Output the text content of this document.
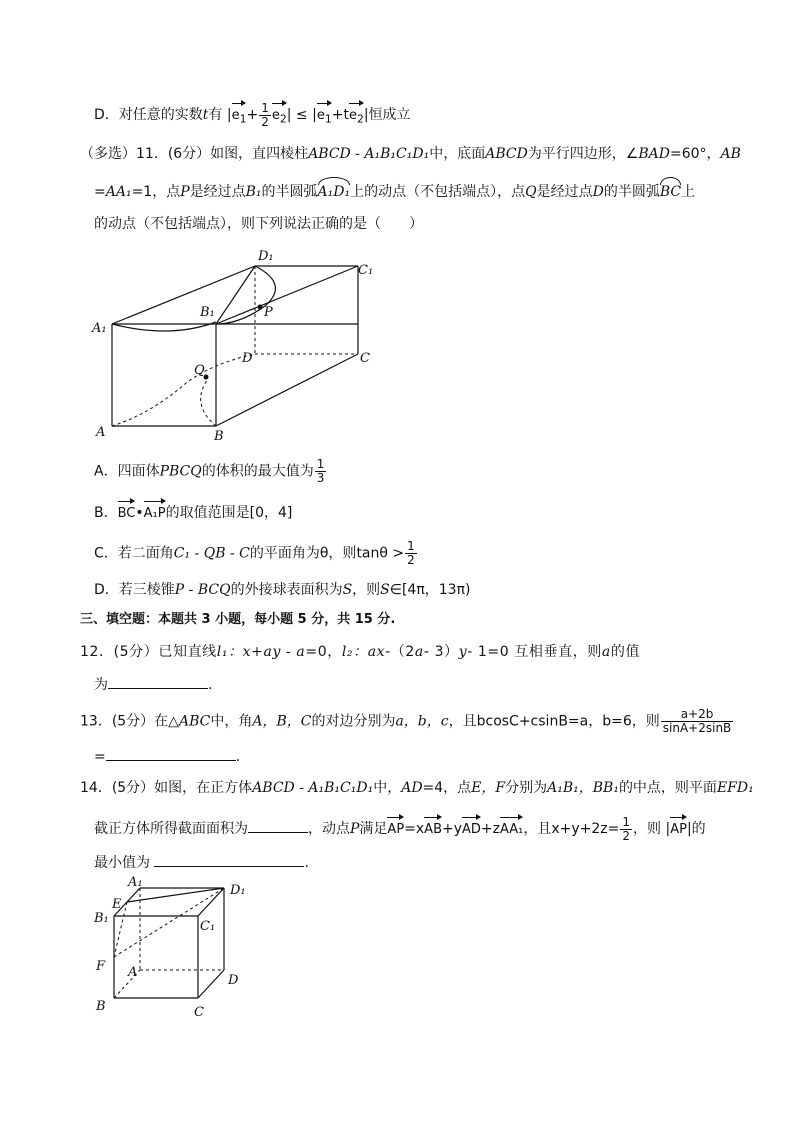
D．对任意的实数t有 $|e_1+ \frac{1}{2} e_2| \le |e_1+te_2|$恒成立
（多选）11．(6分）如图，直四棱柱ABCD - A₁B₁C₁D₁中，底面ABCD为平行四边形，∠BAD=60°，AB
=AA₁=1，点P是经过点B₁的半圆弧A₁D₁上的动点（不包括端点），点Q是经过点D的半圆弧BC上
的动点（不包括端点），则下列说法正确的是（　　）
D₁
C₁
B₁	P
A₁
D	C
Q
A	B
A．四面体PBCQ的体积的最大值为 $\frac{1}{3}$
B．BC•A₁P的取值范围是[0，4]
C．若二面角C₁ - QB - C的平面角为θ，则$\tan\theta > \frac{1}{2}$
D．若三棱锥P - BCQ的外接球表面积为S，则S∈[4π，13π)
三、填空题：本题共 3 小题，每小题 5 分，共 15 分.
12．(5分）已知直线l₁：x+ay - a=0，l₂：ax-（2a- 3）y- 1=0 互相垂直，则a的值
为	.
13．(5分）在△ABC中，角A，B，C的对边分别为a，b，c，且bcosC+csinB=a，b=6，则 $\frac{a+2b}{\sin A+2\sin B}$
=	.
14．(5分）如图，在正方体ABCD - A₁B₁C₁D₁中，AD=4，点E，F分别为A₁B₁，BB₁的中点，则平面EFD₁
截正方体所得截面面积为	，动点P满足AP=xAB+yAD+zAA₁，且$x+y+2z= \frac{1}{2}$ ，则 |AP|的
最小值为	.
A₁
D₁
E
B₁
C₁
F A
D
B	C
